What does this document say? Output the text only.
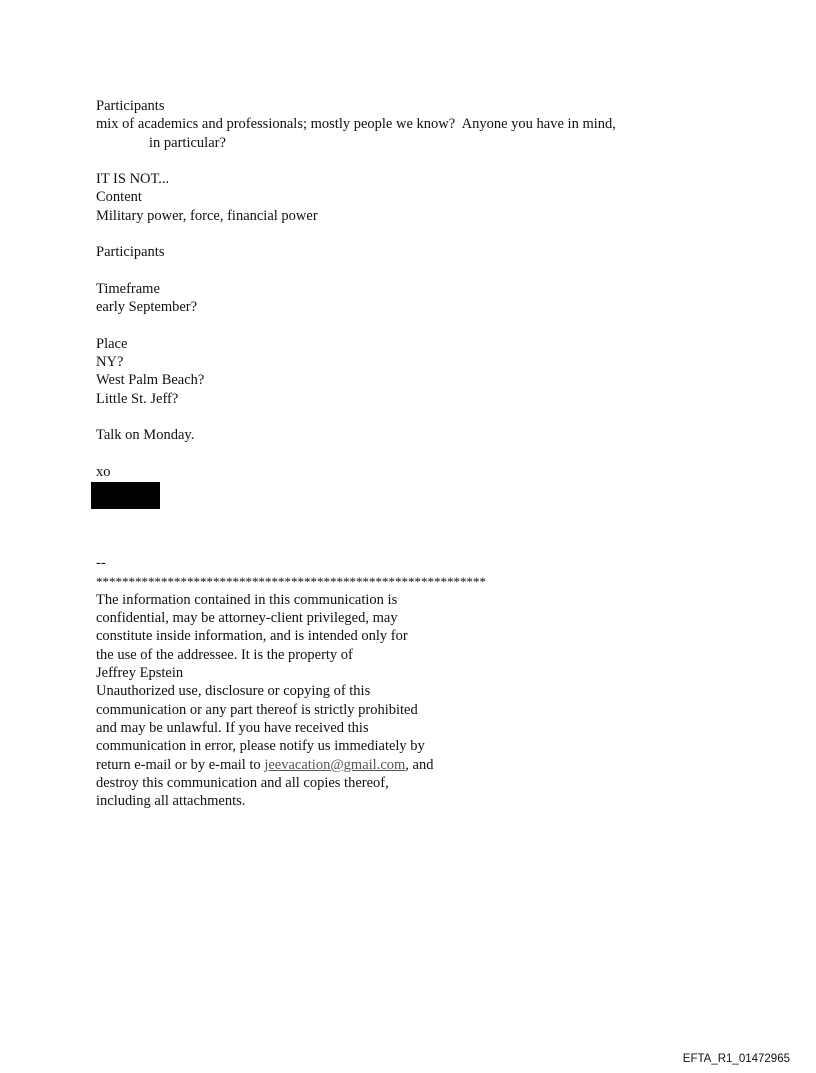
Participants
mix of academics and professionals; mostly people we know?  Anyone you have in mind,
in particular?
IT IS NOT...
Content
Military power, force, financial power
Participants
Timeframe
early September?
Place
NY?
West Palm Beach?
Little St. Jeff?
Talk on Monday.
xo
--
************************************************************
The information contained in this communication is
confidential, may be attorney-client privileged, may
constitute inside information, and is intended only for
the use of the addressee. It is the property of
Jeffrey Epstein
Unauthorized use, disclosure or copying of this
communication or any part thereof is strictly prohibited
and may be unlawful. If you have received this
communication in error, please notify us immediately by
return e-mail or by e-mail to jeevacation@gmail.com, and
destroy this communication and all copies thereof,
including all attachments.
EFTA_R1_01472965
